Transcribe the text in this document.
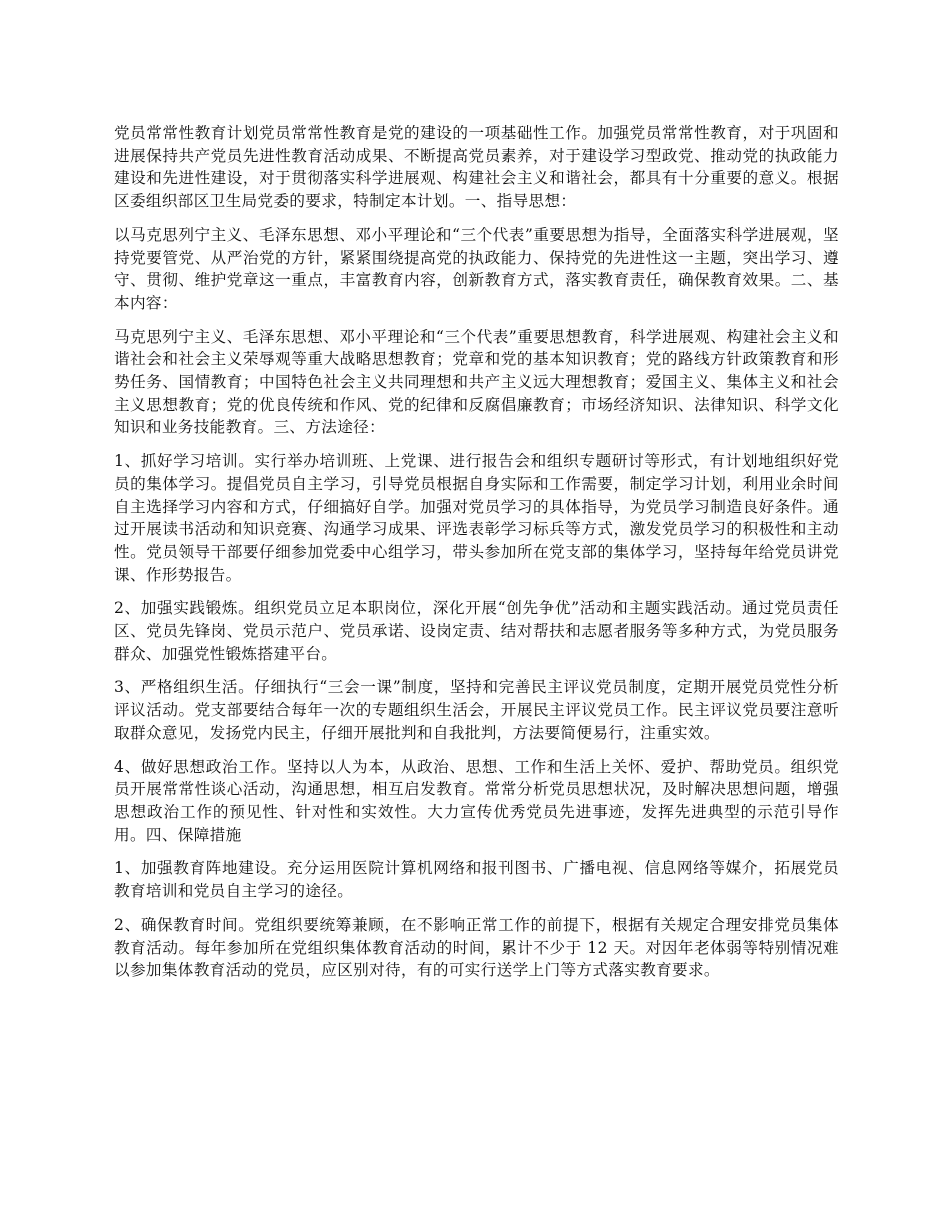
党员常常性教育计划党员常常性教育是党的建设的一项基础性工作。加强党员常常性教育，对于巩固和进展保持共产党员先进性教育活动成果、不断提高党员素养，对于建设学习型政党、推动党的执政能力建设和先进性建设，对于贯彻落实科学进展观、构建社会主义和谐社会，都具有十分重要的意义。根据区委组织部区卫生局党委的要求，特制定本计划。一、指导思想：

以马克思列宁主义、毛泽东思想、邓小平理论和“三个代表”重要思想为指导，全面落实科学进展观，坚持党要管党、从严治党的方针，紧紧围绕提高党的执政能力、保持党的先进性这一主题，突出学习、遵守、贯彻、维护党章这一重点，丰富教育内容，创新教育方式，落实教育责任，确保教育效果。二、基本内容：

马克思列宁主义、毛泽东思想、邓小平理论和“三个代表”重要思想教育，科学进展观、构建社会主义和谐社会和社会主义荣辱观等重大战略思想教育；党章和党的基本知识教育；党的路线方针政策教育和形势任务、国情教育；中国特色社会主义共同理想和共产主义远大理想教育；爱国主义、集体主义和社会主义思想教育；党的优良传统和作风、党的纪律和反腐倡廉教育；市场经济知识、法律知识、科学文化知识和业务技能教育。三、方法途径：

1、抓好学习培训。实行举办培训班、上党课、进行报告会和组织专题研讨等形式，有计划地组织好党员的集体学习。提倡党员自主学习，引导党员根据自身实际和工作需要，制定学习计划，利用业余时间自主选择学习内容和方式，仔细搞好自学。加强对党员学习的具体指导，为党员学习制造良好条件。通过开展读书活动和知识竞赛、沟通学习成果、评选表彰学习标兵等方式，激发党员学习的积极性和主动性。党员领导干部要仔细参加党委中心组学习，带头参加所在党支部的集体学习，坚持每年给党员讲党课、作形势报告。

2、加强实践锻炼。组织党员立足本职岗位，深化开展“创先争优”活动和主题实践活动。通过党员责任区、党员先锋岗、党员示范户、党员承诺、设岗定责、结对帮扶和志愿者服务等多种方式，为党员服务群众、加强党性锻炼搭建平台。

3、严格组织生活。仔细执行“三会一课”制度，坚持和完善民主评议党员制度，定期开展党员党性分析评议活动。党支部要结合每年一次的专题组织生活会，开展民主评议党员工作。民主评议党员要注意听取群众意见，发扬党内民主，仔细开展批判和自我批判，方法要简便易行，注重实效。

4、做好思想政治工作。坚持以人为本，从政治、思想、工作和生活上关怀、爱护、帮助党员。组织党员开展常常性谈心活动，沟通思想，相互启发教育。常常分析党员思想状况，及时解决思想问题，增强思想政治工作的预见性、针对性和实效性。大力宣传优秀党员先进事迹，发挥先进典型的示范引导作用。四、保障措施

1、加强教育阵地建设。充分运用医院计算机网络和报刊图书、广播电视、信息网络等媒介，拓展党员教育培训和党员自主学习的途径。

2、确保教育时间。党组织要统筹兼顾，在不影响正常工作的前提下，根据有关规定合理安排党员集体教育活动。每年参加所在党组织集体教育活动的时间，累计不少于 12 天。对因年老体弱等特别情况难以参加集体教育活动的党员，应区别对待，有的可实行送学上门等方式落实教育要求。
